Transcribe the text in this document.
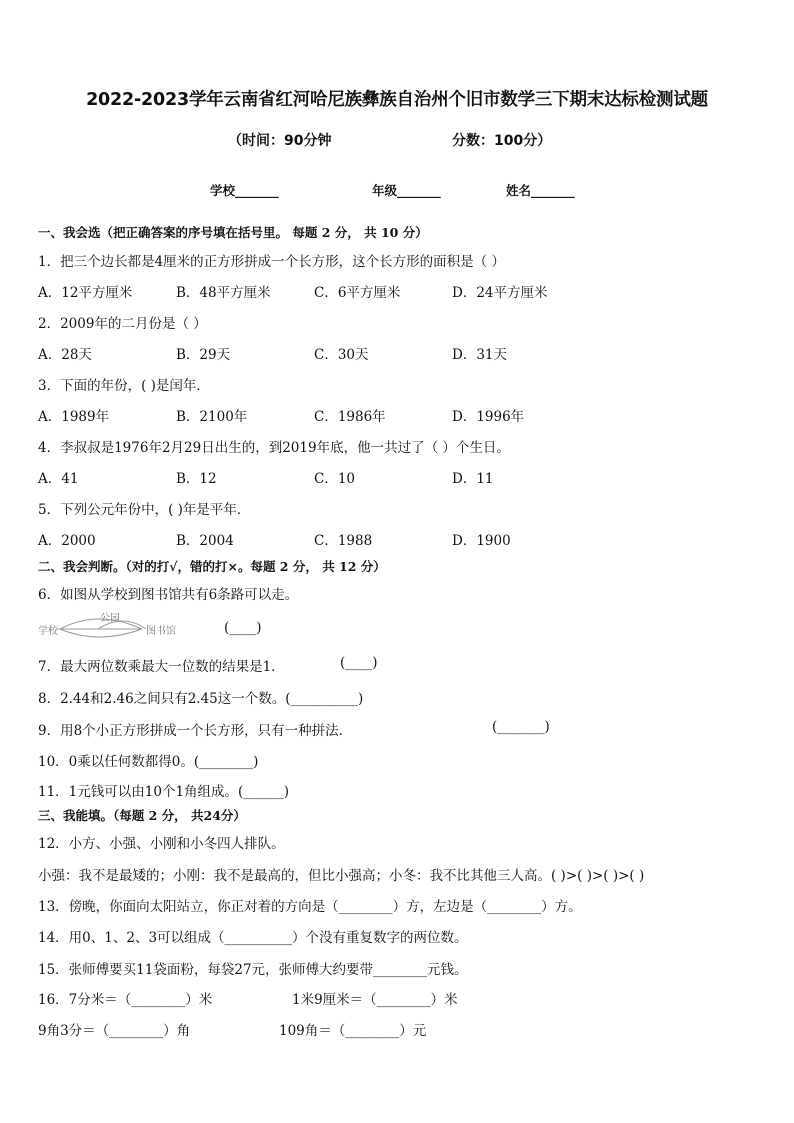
2022-2023学年云南省红河哈尼族彝族自治州个旧市数学三下期末达标检测试题
（时间：90分钟	分数：100分）
学校_______	年级_______	姓名_______
一、我会选（把正确答案的序号填在括号里。 每题 2 分， 共 10 分）
1．把三个边长都是4厘米的正方形拼成一个长方形，这个长方形的面积是（ ）
A．12平方厘米	B．48平方厘米	C．6平方厘米	D．24平方厘米
2．2009年的二月份是（ ）
A．28天	B．29天	C．30天	D．31天
3．下面的年份，( )是闰年．
A．1989年	B．2100年	C．1986年	D．1996年
4．李叔叔是1976年2月29日出生的，到2019年底，他一共过了（ ）个生日。
A．41	B．12	C．10	D．11
5．下列公元年份中，( )年是平年．
A．2000	B．2004	C．1988	D．1900
二、我会判断。（对的打√，错的打×。每题 2 分， 共 12 分）
6．如图从学校到图书馆共有6条路可以走。
学校
公园
图书馆	(____)
7．最大两位数乘最大一位数的结果是1．	(____)
8．2.44和2.46之间只有2.45这一个数。(__________)
9．用8个小正方形拼成一个长方形，只有一种拼法．	(_______)
10．0乘以任何数都得0。(________)
11．1元钱可以由10个1角组成。(______)
三、我能填。（每题 2 分， 共24分）
12．小方、小强、小刚和小冬四人排队。
小强：我不是最矮的；小刚：我不是最高的，但比小强高；小冬：我不比其他三人高。( )>( )>( )>( )
13．傍晚，你面向太阳站立，你正对着的方向是（________）方，左边是（________）方。
14．用0、1、2、3可以组成（__________）个没有重复数字的两位数。
15．张师傅要买11袋面粉，每袋27元，张师傅大约要带________元钱。
16．7分米＝（________）米	1米9厘米＝（________）米
9角3分＝（________）角	109角＝（________）元
